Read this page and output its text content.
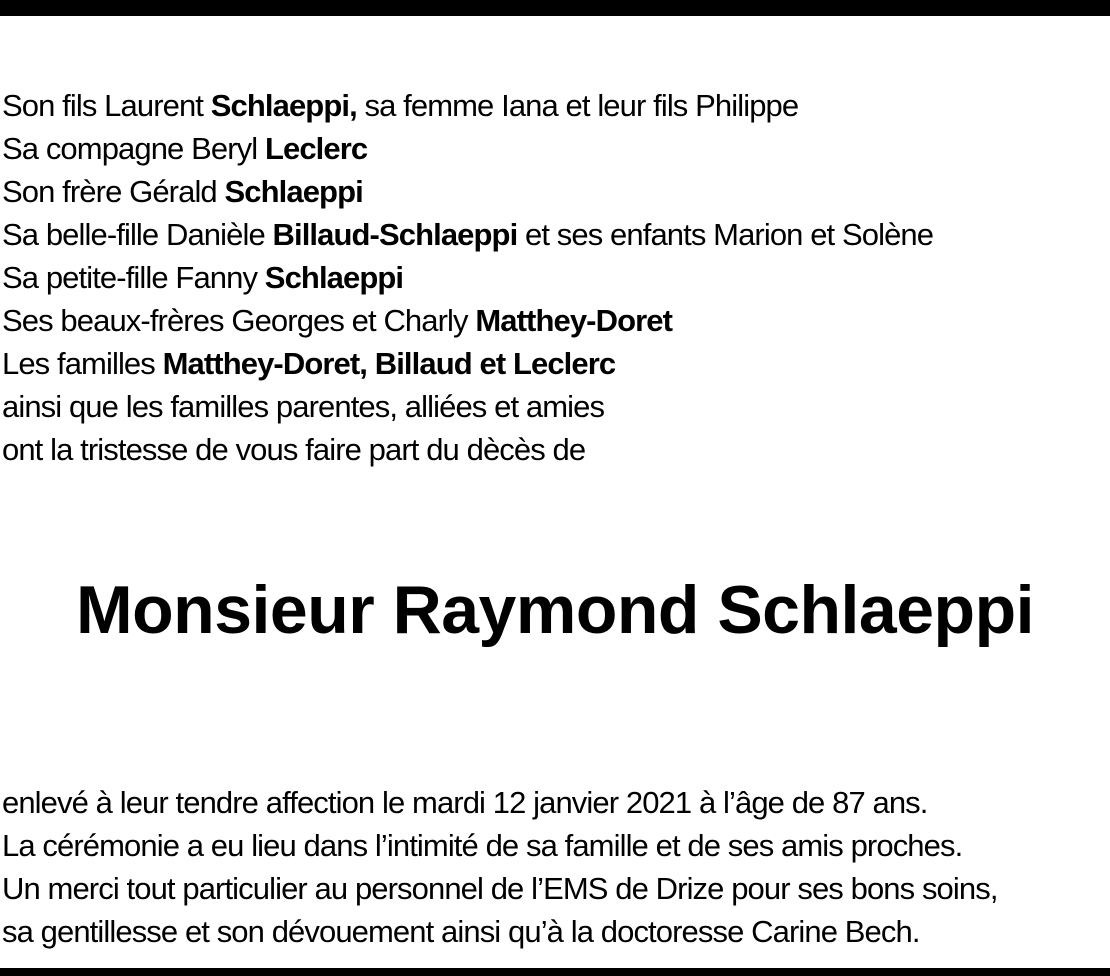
Son fils Laurent Schlaeppi, sa femme Iana et leur fils Philippe
Sa compagne Beryl Leclerc
Son frère Gérald Schlaeppi
Sa belle-fille Danièle Billaud-Schlaeppi et ses enfants Marion et Solène
Sa petite-fille Fanny Schlaeppi
Ses beaux-frères Georges et Charly Matthey-Doret
Les familles Matthey-Doret, Billaud et Leclerc
ainsi que les familles parentes, alliées et amies
ont la tristesse de vous faire part du dècès de
Monsieur Raymond Schlaeppi
enlevé à leur tendre affection le mardi 12 janvier 2021 à l’âge de 87 ans.
La cérémonie a eu lieu dans l’intimité de sa famille et de ses amis proches.
Un merci tout particulier au personnel de l’EMS de Drize pour ses bons soins,
sa gentillesse et son dévouement ainsi qu’à la doctoresse Carine Bech.
